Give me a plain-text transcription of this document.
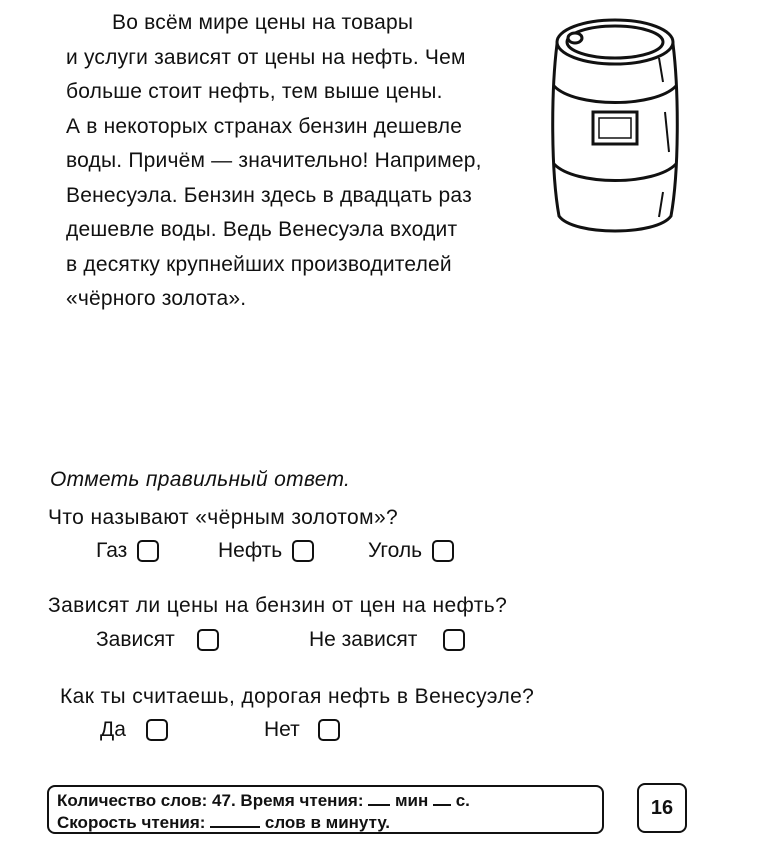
Во всём мире цены на товары
и услуги зависят от цены на нефть. Чем
больше стоит нефть, тем выше цены.
А в некоторых странах бензин дешевле
воды. Причём — значительно! Например,
Венесуэла. Бензин здесь в двадцать раз
дешевле воды. Ведь Венесуэла входит
в десятку крупнейших производителей
«чёрного золота».
Отметь правильный ответ.
Что называют «чёрным золотом»?
Газ	Нефть	Уголь
Зависят ли цены на бензин от цен на нефть?
Зависят	Не зависят
Как ты считаешь, дорогая нефть в Венесуэле?
Да	Нет
Количество слов: 47. Время чтения: мин с.
Скорость чтения:	слов в минуту.
16
